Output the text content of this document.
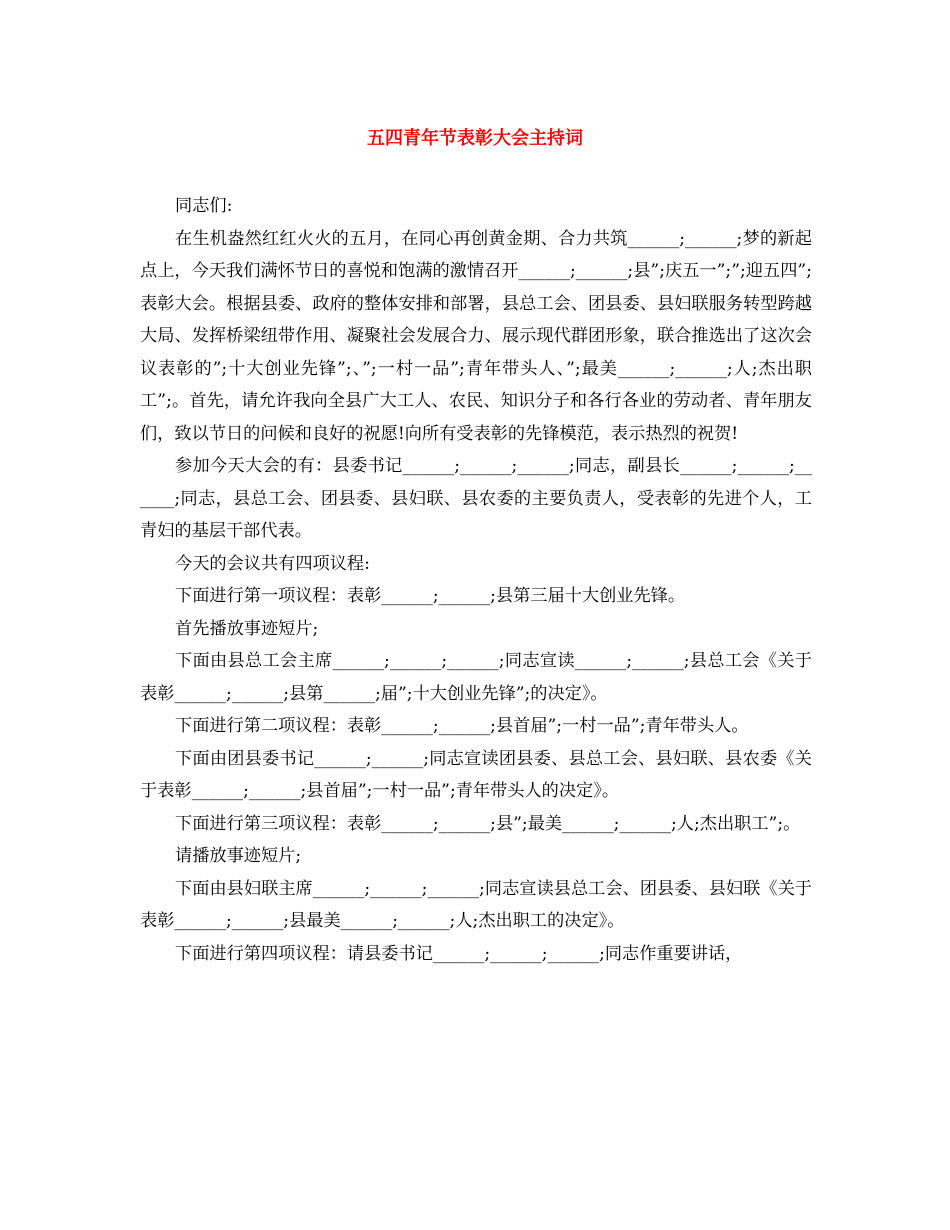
五四青年节表彰大会主持词

同志们:

在生机盎然红红火火的五月，在同心再创黄金期、合力共筑______;______;梦的新起点上，今天我们满怀节日的喜悦和饱满的激情召开______;______;县”;庆五一”;”;迎五四”;表彰大会。根据县委、政府的整体安排和部署，县总工会、团县委、县妇联服务转型跨越大局、发挥桥梁纽带作用、凝聚社会发展合力、展示现代群团形象，联合推选出了这次会议表彰的”;十大创业先锋”;、”;一村一品”;青年带头人、”;最美______;______;人;杰出职工”;。首先，请允许我向全县广大工人、农民、知识分子和各行各业的劳动者、青年朋友们，致以节日的问候和良好的祝愿!向所有受表彰的先锋模范，表示热烈的祝贺!

参加今天大会的有：县委书记______;______;______;同志，副县长______;______;______;同志，县总工会、团县委、县妇联、县农委的主要负责人，受表彰的先进个人，工青妇的基层干部代表。

今天的会议共有四项议程:

下面进行第一项议程：表彰______;______;县第三届十大创业先锋。

首先播放事迹短片;

下面由县总工会主席______;______;______;同志宣读______;______;县总工会《关于表彰______;______;县第______;届”;十大创业先锋”;的决定》。

下面进行第二项议程：表彰______;______;县首届”;一村一品”;青年带头人。

下面由团县委书记______;______;同志宣读团县委、县总工会、县妇联、县农委《关于表彰______;______;县首届”;一村一品”;青年带头人的决定》。

下面进行第三项议程：表彰______;______;县”;最美______;______;人;杰出职工”;。

请播放事迹短片;

下面由县妇联主席______;______;______;同志宣读县总工会、团县委、县妇联《关于表彰______;______;县最美______;______;人;杰出职工的决定》。

下面进行第四项议程：请县委书记______;______;______;同志作重要讲话，
